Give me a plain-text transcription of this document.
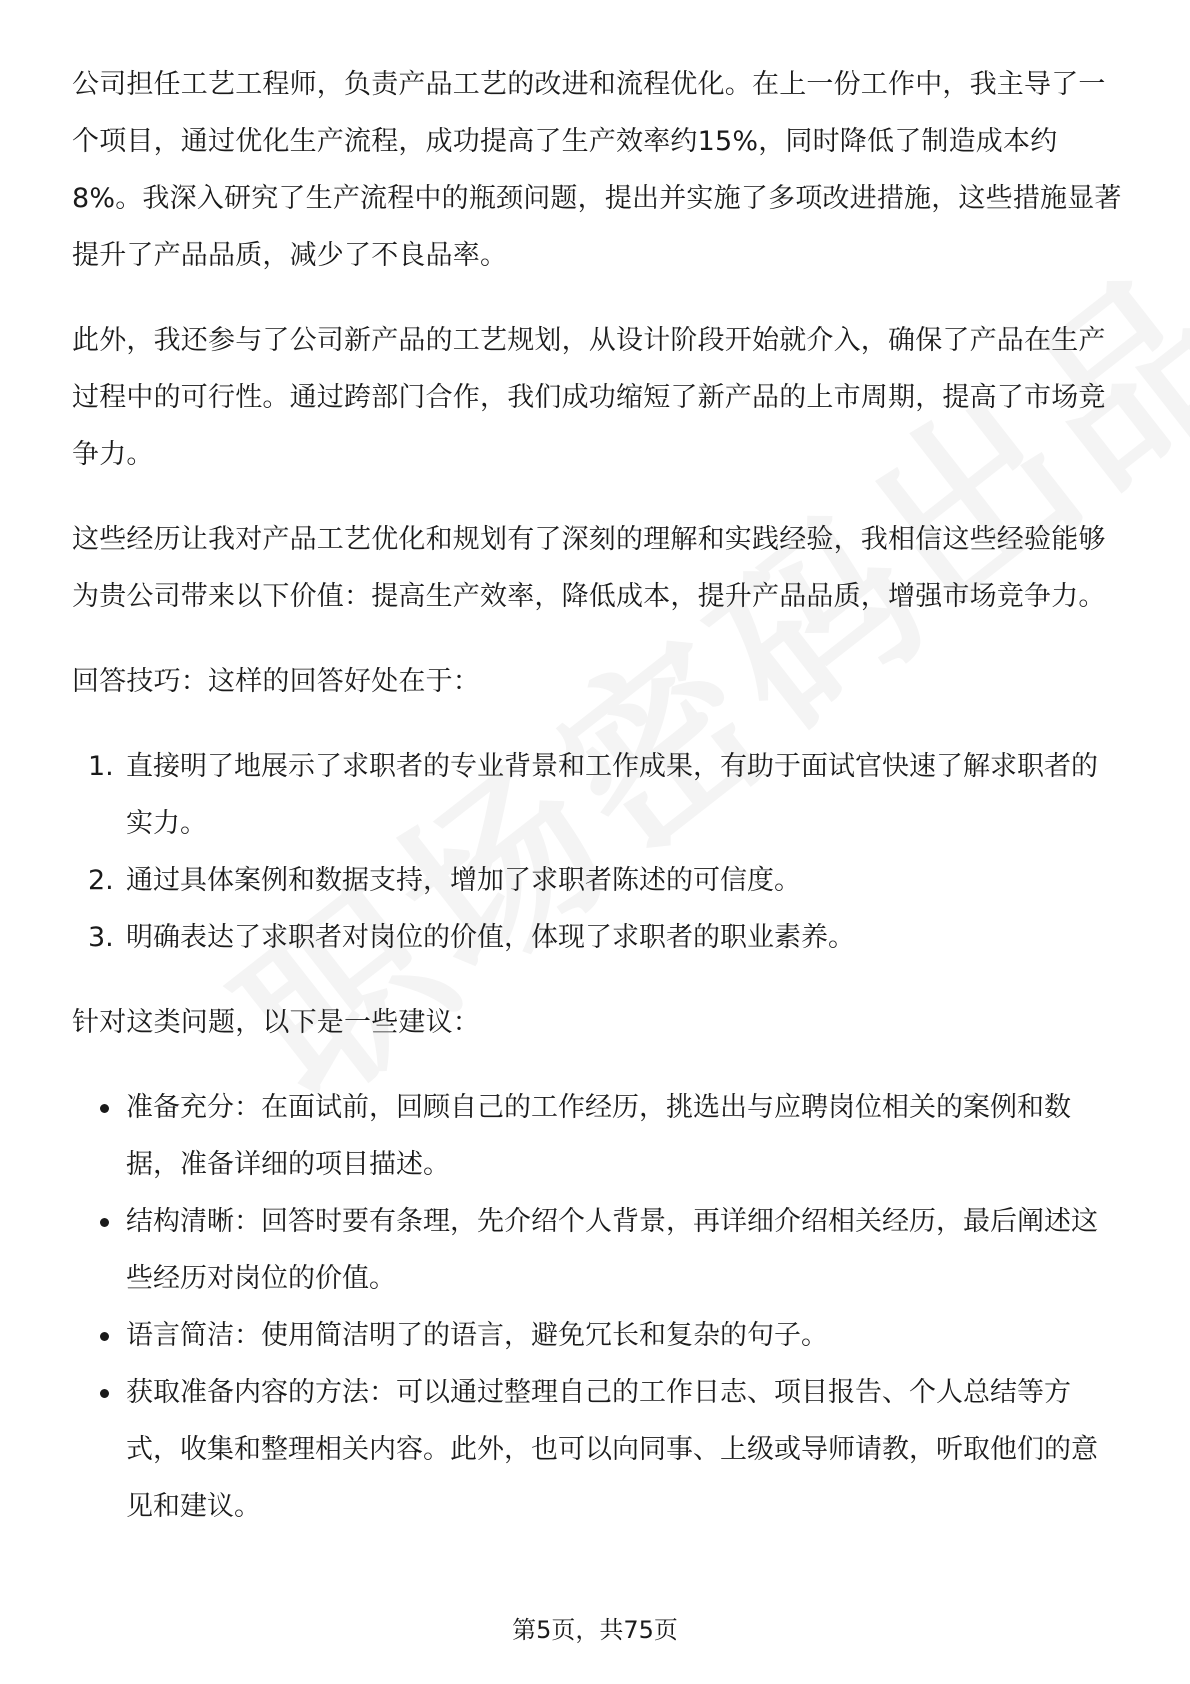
公司担任工艺工程师，负责产品工艺的改进和流程优化。在上一份工作中，我主导了一个项目，通过优化生产流程，成功提高了生产效率约15%，同时降低了制造成本约8%。我深入研究了生产流程中的瓶颈问题，提出并实施了多项改进措施，这些措施显著提升了产品品质，减少了不良品率。

此外，我还参与了公司新产品的工艺规划，从设计阶段开始就介入，确保了产品在生产过程中的可行性。通过跨部门合作，我们成功缩短了新产品的上市周期，提高了市场竞争力。

这些经历让我对产品工艺优化和规划有了深刻的理解和实践经验，我相信这些经验能够为贵公司带来以下价值：提高生产效率，降低成本，提升产品品质，增强市场竞争力。

回答技巧：这样的回答好处在于：

1. 直接明了地展示了求职者的专业背景和工作成果，有助于面试官快速了解求职者的实力。
2. 通过具体案例和数据支持，增加了求职者陈述的可信度。
3. 明确表达了求职者对岗位的价值，体现了求职者的职业素养。

针对这类问题，以下是一些建议：

准备充分：在面试前，回顾自己的工作经历，挑选出与应聘岗位相关的案例和数据，准备详细的项目描述。
结构清晰：回答时要有条理，先介绍个人背景，再详细介绍相关经历，最后阐述这些经历对岗位的价值。
语言简洁：使用简洁明了的语言，避免冗长和复杂的句子。
获取准备内容的方法：可以通过整理自己的工作日志、项目报告、个人总结等方式，收集和整理相关内容。此外，也可以向同事、上级或导师请教，听取他们的意见和建议。
第5页，共75页
